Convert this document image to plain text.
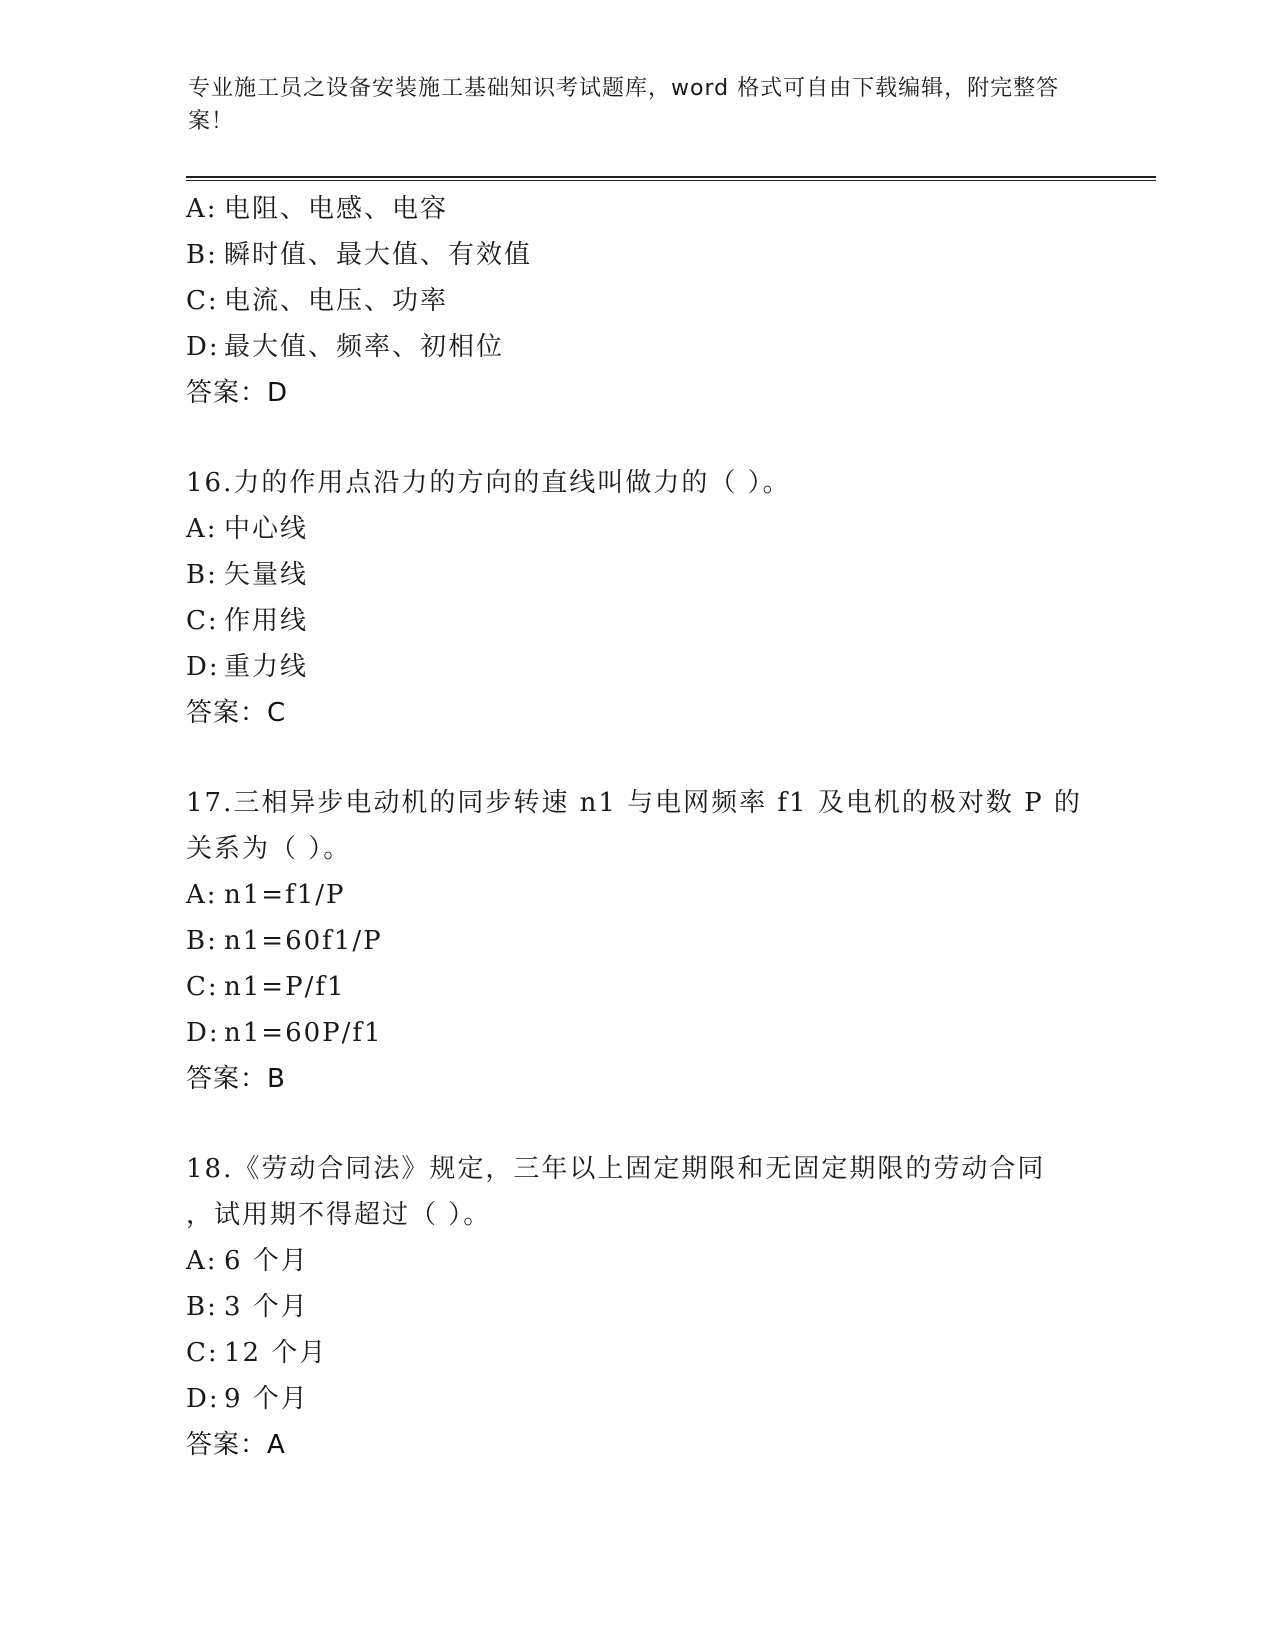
专业施工员之设备安装施工基础知识考试题库，word 格式可自由下载编辑，附完整答案！
A: 电阻、电感、电容
B: 瞬时值、最大值、有效值
C: 电流、电压、功率
D: 最大值、频率、初相位
答案：D
16.力的作用点沿力的方向的直线叫做力的（ ）。
A: 中心线
B: 矢量线
C: 作用线
D: 重力线
答案：C
17.三相异步电动机的同步转速 n1 与电网频率 f1 及电机的极对数 P 的
关系为（ ）。
A: n1=f1/P
B: n1=60f1/P
C: n1=P/f1
D: n1=60P/f1
答案：B
18.《劳动合同法》规定，三年以上固定期限和无固定期限的劳动合同
，试用期不得超过（ ）。
A: 6 个月
B: 3 个月
C: 12 个月
D: 9 个月
答案：A
